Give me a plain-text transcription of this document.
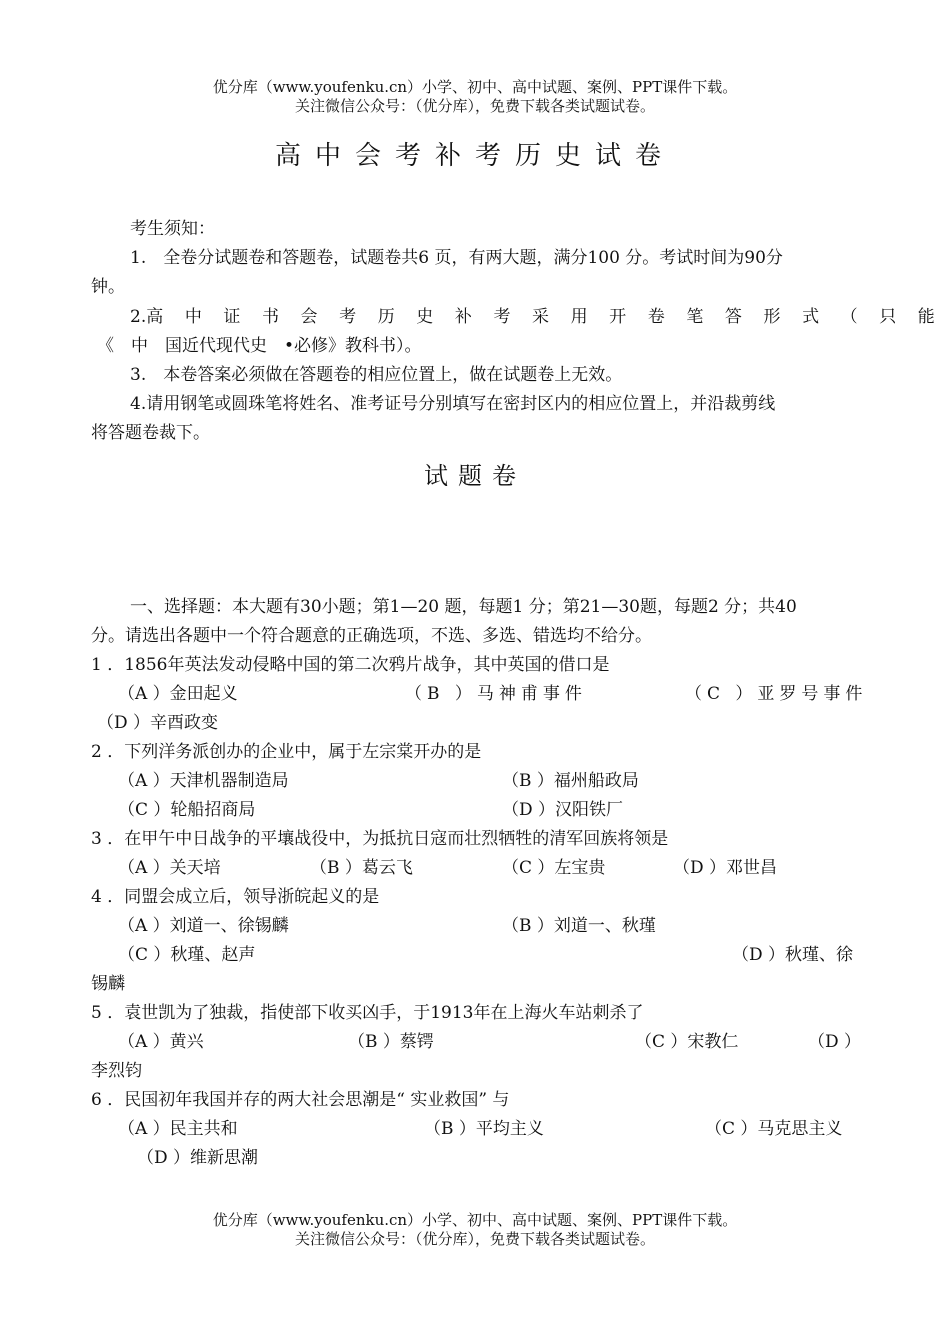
优分库（www.youfenku.cn）小学、初中、高中试题、案例、PPT课件下载。
关注微信公众号：（优分库），免费下载各类试题试卷。
高中会考补考历史试卷
考生须知：
1.　全卷分试题卷和答题卷，试题卷共6 页，有两大题，满分100 分。考试时间为90分
钟。
2.高 中 证 书 会 考 历 史 补 考 采 用 开 卷 笔 答 形 式 （ 只 能
《　中　国近代现代史　•必修》教科书）。
3.　本卷答案必须做在答题卷的相应位置上，做在试题卷上无效。
4.请用钢笔或圆珠笔将姓名、准考证号分别填写在密封区内的相应位置上，并沿裁剪线
将答题卷裁下。
试题卷
一、选择题：本大题有30小题；第1—20 题，每题1 分；第21—30题，每题2 分；共40
分。请选出各题中一个符合题意的正确选项，不选、多选、错选均不给分。
1 ．1856年英法发动侵略中国的第二次鸦片战争，其中英国的借口是
（A ）金田起义	（B ）马神甫事件	（C ）亚罗号事件
（D ）辛酉政变
2 ．下列洋务派创办的企业中，属于左宗棠开办的是
（A ）天津机器制造局	（B ）福州船政局
（C ）轮船招商局	（D ）汉阳铁厂
3 ．在甲午中日战争的平壤战役中，为抵抗日寇而壮烈牺牲的清军回族将领是
（A ）关天培	（B ）葛云飞	（C ）左宝贵	（D ）邓世昌
4 ．同盟会成立后，领导浙皖起义的是
（A ）刘道一、徐锡麟	（B ）刘道一、秋瑾
（C ）秋瑾、赵声	（D ）秋瑾、徐
锡麟
5 ．袁世凯为了独裁，指使部下收买凶手，于1913年在上海火车站刺杀了
（A ）黄兴	（B ）蔡锷	（C ）宋教仁	（D ）
李烈钧
6 ．民国初年我国并存的两大社会思潮是“ 实业救国” 与
（A ）民主共和	（B ）平均主义	（C ）马克思主义
（D ）维新思潮
优分库（www.youfenku.cn）小学、初中、高中试题、案例、PPT课件下载。
关注微信公众号：（优分库），免费下载各类试题试卷。
